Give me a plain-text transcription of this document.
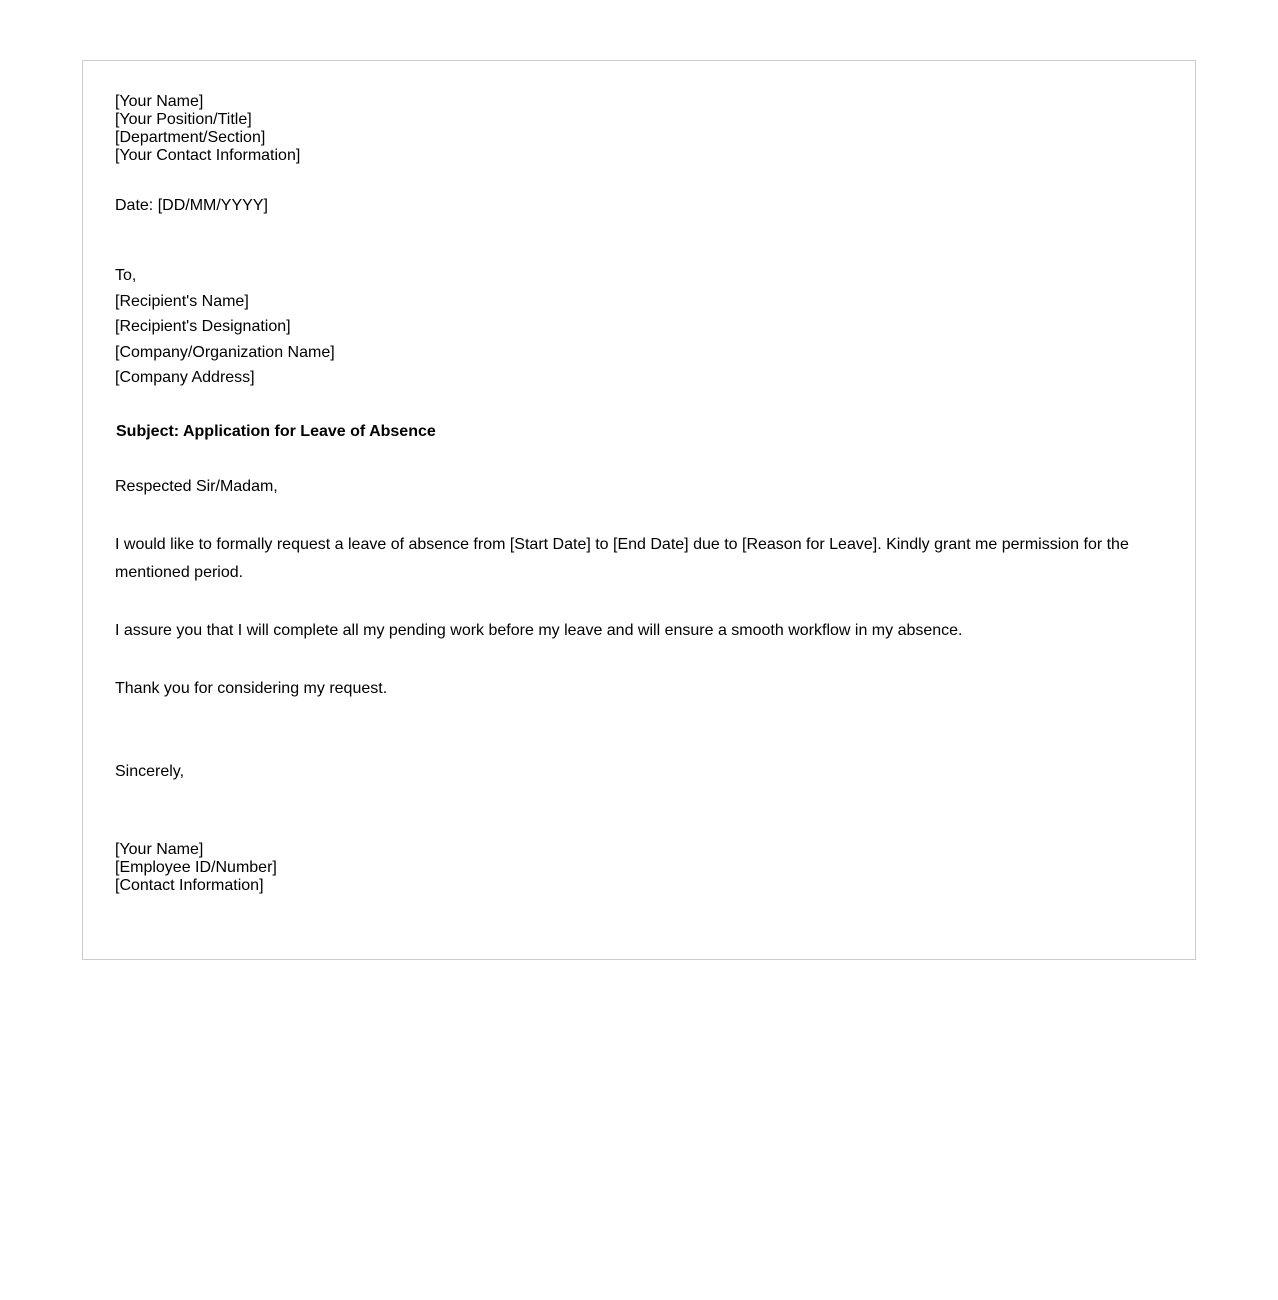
[Your Name]
[Your Position/Title]
[Department/Section]
[Your Contact Information]
Date: [DD/MM/YYYY]
To,
[Recipient's Name]
[Recipient's Designation]
[Company/Organization Name]
[Company Address]
Subject: Application for Leave of Absence
Respected Sir/Madam,
I would like to formally request a leave of absence from [Start Date] to [End Date] due to [Reason for Leave]. Kindly grant me permission for the mentioned period.
I assure you that I will complete all my pending work before my leave and will ensure a smooth workflow in my absence.
Thank you for considering my request.
Sincerely,
[Your Name]
[Employee ID/Number]
[Contact Information]
